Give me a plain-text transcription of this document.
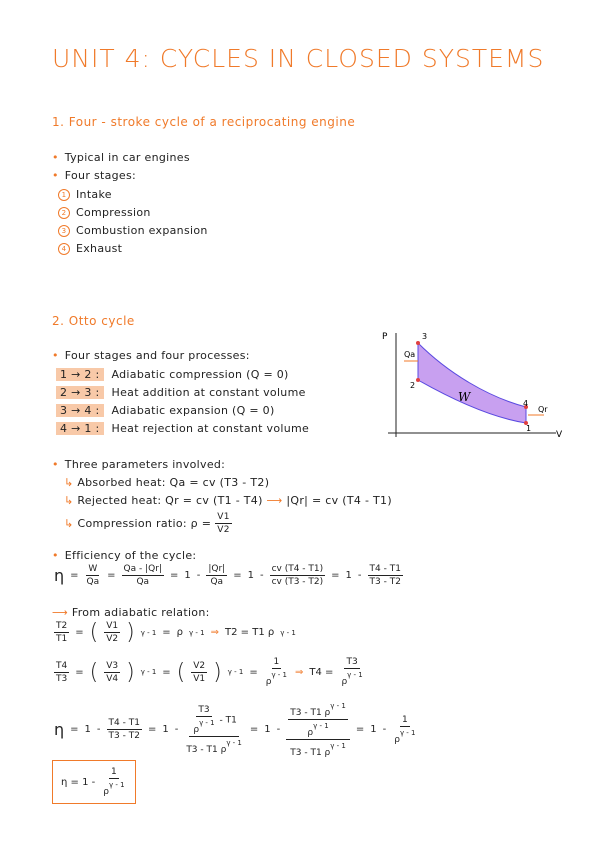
UNIT 4: CYCLES IN CLOSED SYSTEMS
1. Four - stroke cycle of a reciprocating engine
• Typical in car engines
• Four stages:
1 Intake
2 Compression
3 Combustion expansion
4 Exhaust
2. Otto cycle
• Four stages and four processes:
1 → 2 : Adiabatic compression (Q = 0)
2 → 3 : Heat addition at constant volume
3 → 4 : Adiabatic expansion (Q = 0)
4 → 1 : Heat rejection at constant volume
P
V
3
2
4
1
Qa
Qr
W
• Three parameters involved:
↳ Absorbed heat: Qa = cv (T3 - T2)
↳ Rejected heat: Qr = cv (T1 - T4) ⟶ |Qr| = cv (T4 - T1)
↳ Compression ratio: $\rho = \frac{V1}{V2}$
• Efficiency of the cycle:
$\eta = \frac{W}{Qa} = \frac{Qa - |Qr|}{Qa} = 1 - \frac{|Qr|}{Qa} = 1 - \frac{cv (T4 - T1)}{cv (T3 - T2)} = 1 - \frac{T4 - T1}{T3 - T2}$
⟶ From adiabatic relation:
$\frac{T2}{T1}$ = ( $\frac{V1}{V2}$ ) γ - 1 = ρ γ - 1 ⇒ T2 = T1 ρ γ - 1
$\frac{T4}{T3}$ = ( $\frac{V3}{V4}$ ) γ - 1 = ( $\frac{V2}{V1}$ ) $\gamma - 1 = \frac{1}{\rho^{\gamma - 1}}$ ⇒ $T4 = \frac{T3}{\rho^{\gamma - 1}}$
$\eta = 1 - \frac{T4 - T1}{T3 - T2} = 1 - \frac{\frac{T3}{\rho^{\gamma - 1}} - T1}{T3 - T1 \rho^{\gamma - 1}} = 1 - \frac{\frac{T3 - T1 \rho^{\gamma - 1}}{\rho^{\gamma - 1}}}{T3 - T1 \rho^{\gamma - 1}} = 1 - \frac{1}{\rho^{\gamma - 1}}$
$\eta = 1 - \frac{1}{\rho^{\gamma - 1}}$
